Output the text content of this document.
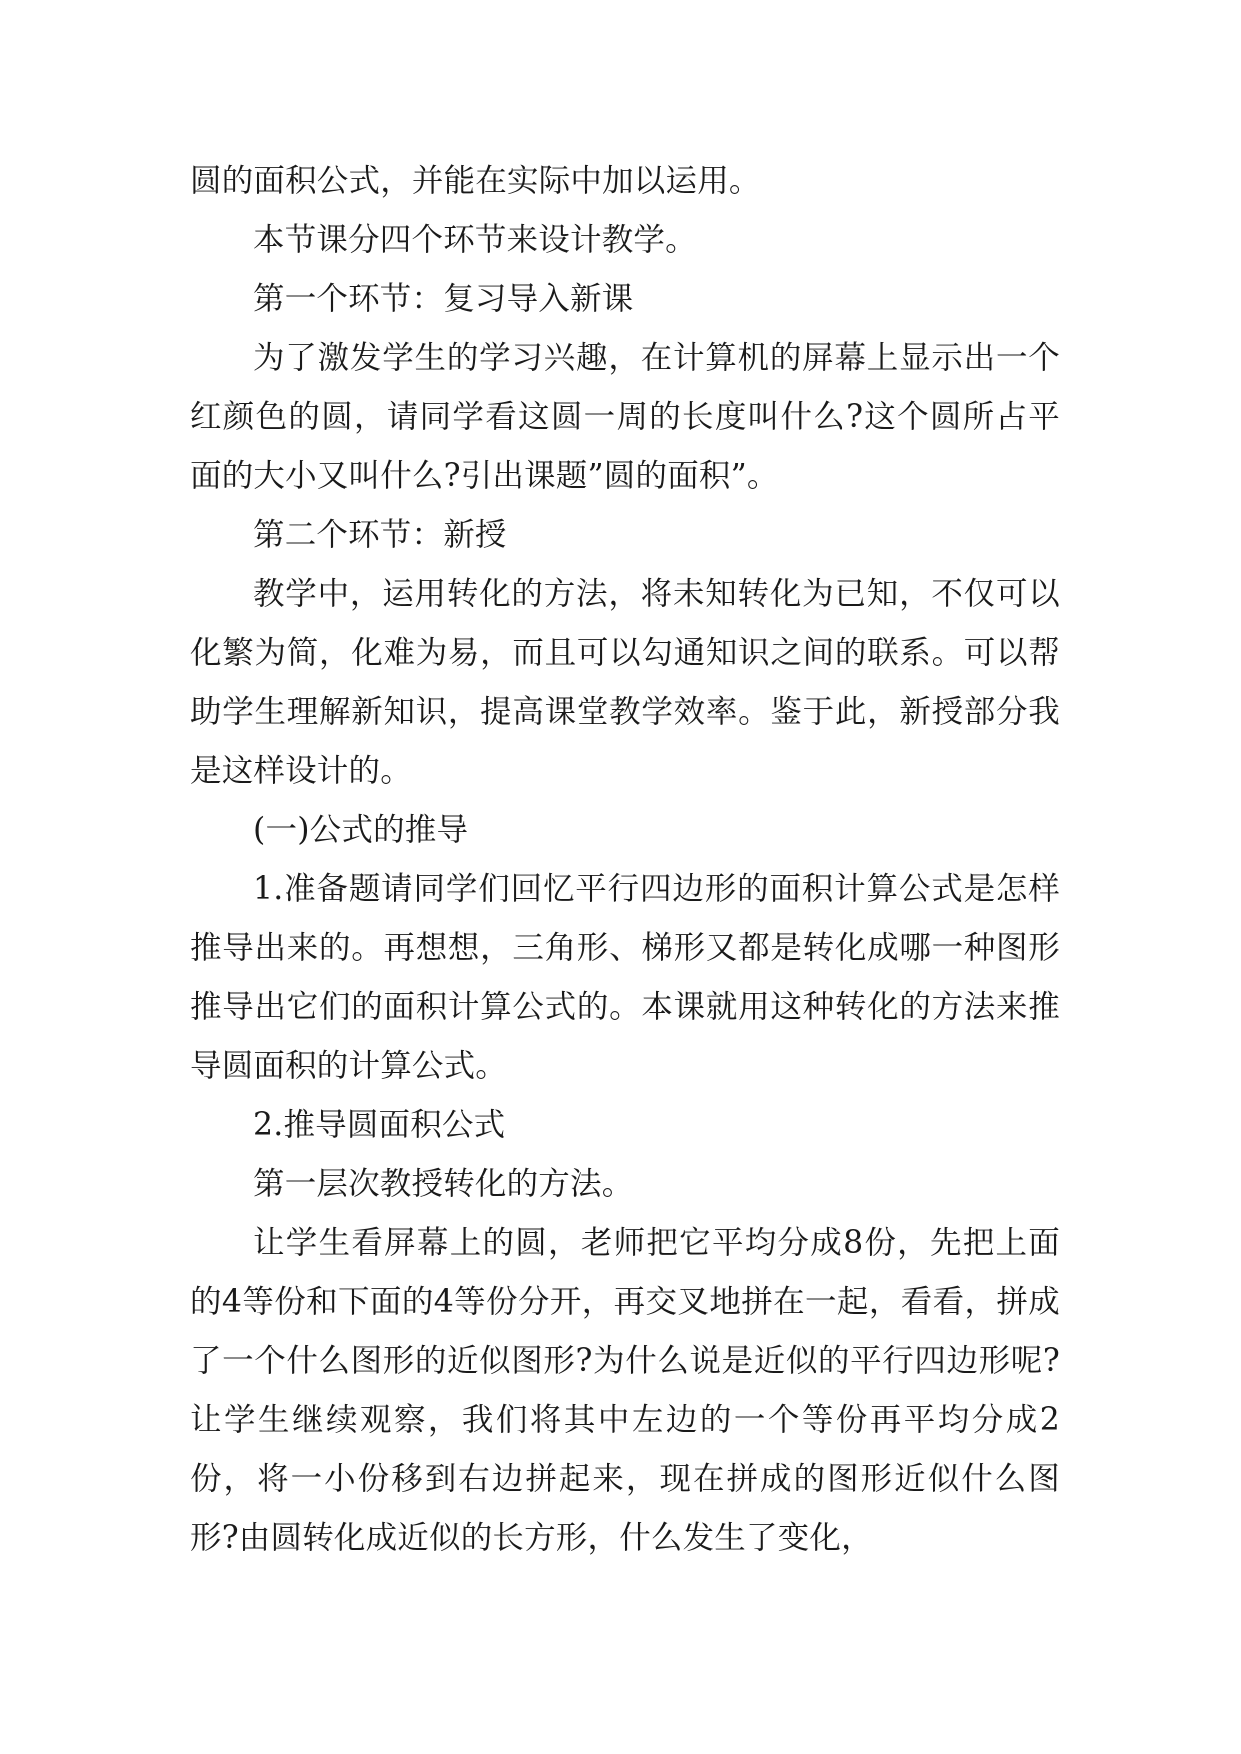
圆的面积公式，并能在实际中加以运用。

本节课分四个环节来设计教学。

第一个环节：复习导入新课

为了激发学生的学习兴趣，在计算机的屏幕上显示出一个红颜色的圆，请同学看这圆一周的长度叫什么?这个圆所占平面的大小又叫什么?引出课题”圆的面积”。

第二个环节：新授

教学中，运用转化的方法，将未知转化为已知，不仅可以化繁为简，化难为易，而且可以勾通知识之间的联系。可以帮助学生理解新知识，提高课堂教学效率。鉴于此，新授部分我是这样设计的。

(一)公式的推导

1.准备题请同学们回忆平行四边形的面积计算公式是怎样推导出来的。再想想，三角形、梯形又都是转化成哪一种图形推导出它们的面积计算公式的。本课就用这种转化的方法来推导圆面积的计算公式。

2.推导圆面积公式

第一层次教授转化的方法。

让学生看屏幕上的圆，老师把它平均分成8份，先把上面的4等份和下面的4等份分开，再交叉地拼在一起，看看，拼成了一个什么图形的近似图形?为什么说是近似的平行四边形呢?让学生继续观察，我们将其中左边的一个等份再平均分成2份，将一小份移到右边拼起来，现在拼成的图形近似什么图形?由圆转化成近似的长方形，什么发生了变化，
